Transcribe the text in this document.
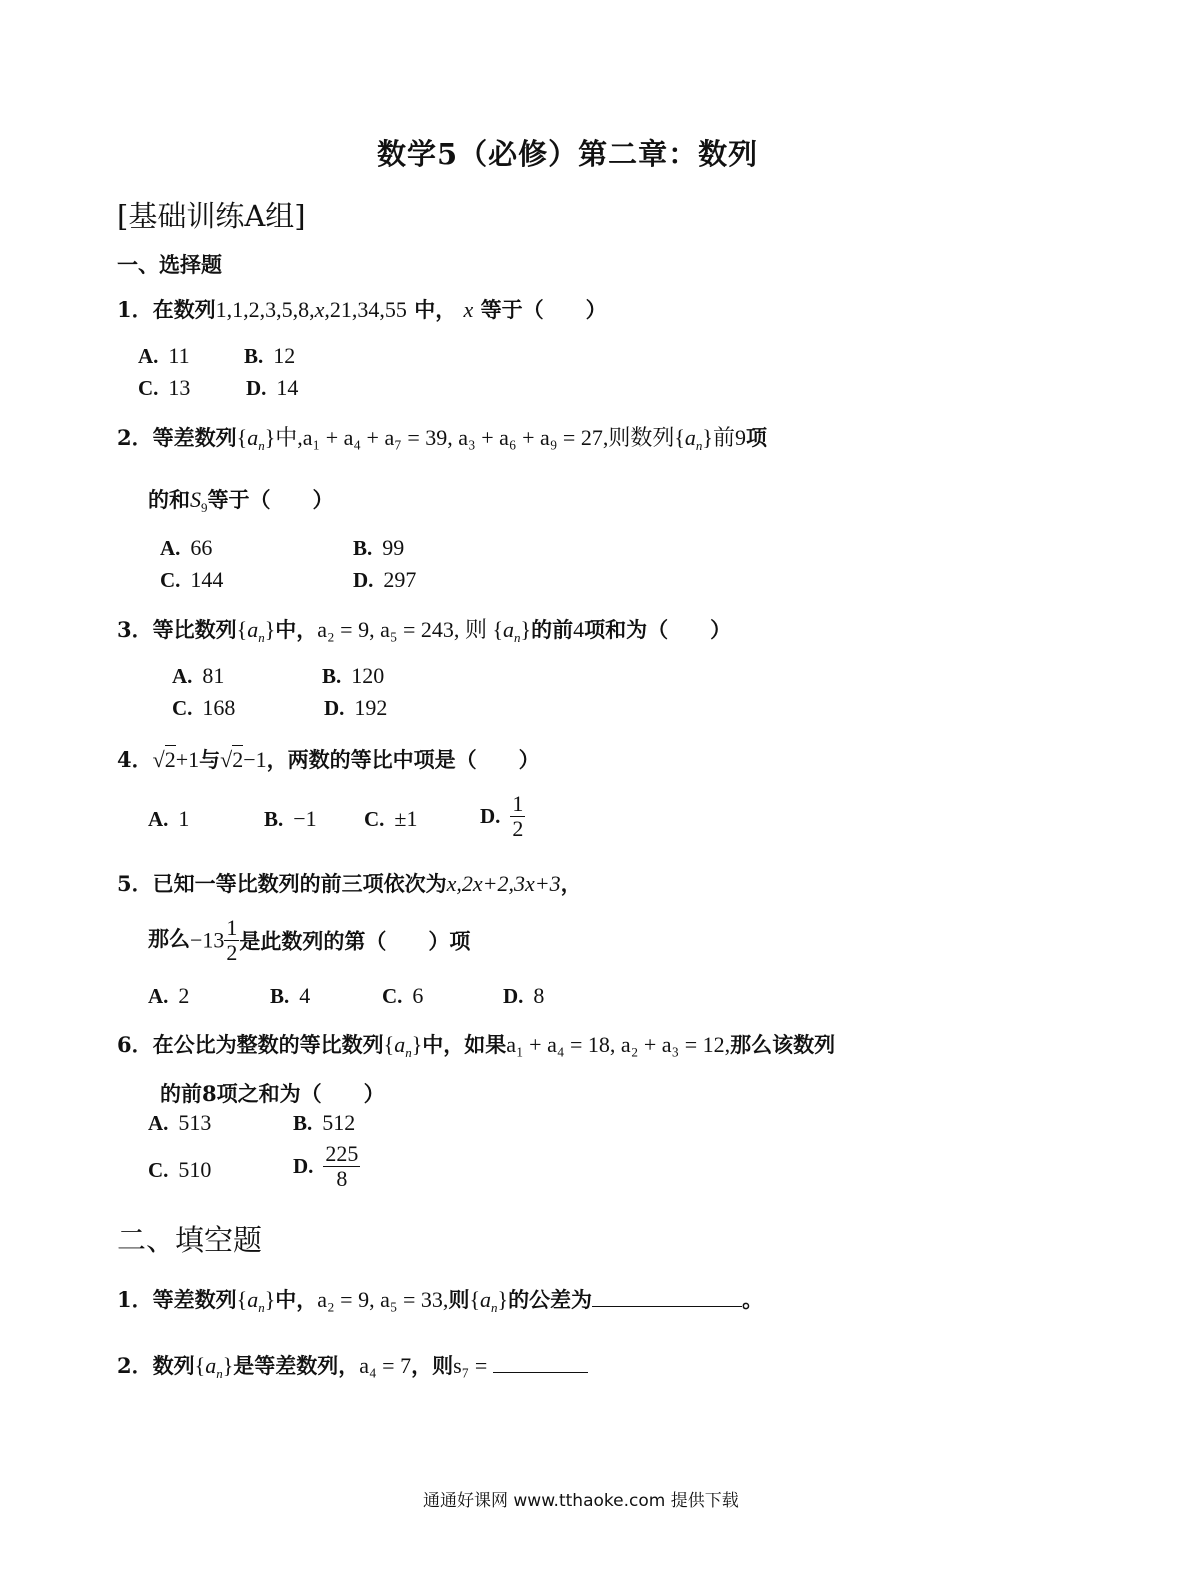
数学5（必修）第二章：数列
[基础训练A组]
一、选择题
1．在数列1,1,2,3,5,8,x,21,34,55 中， x 等于（　　）
A. 11	B. 12
C. 13	D. 14
2．等差数列$\{a_n\}$中,a₁ + a₄ + a₇ = 39, a₃ + a₆ + a₉ = 27,则数列$\{a_n\}$前9项
的和$S_9$等于（　　）
A. 66	B. 99
C. 144	D. 297
3．等比数列$\{a_n\}$中，a₂ = 9, a₅ = 243, 则 $\{a_n\}$的前4项和为（　　）
A. 81	B. 120
C. 168	D. 192
4．√2+1与√2−1，两数的等比中项是（　　）
A. 1	B. −1 C. ±1	D. $\frac{1}{2}$
5．已知一等比数列的前三项依次为x,2x+2,3x+3，
那么$-13 \frac{1}{2}$ 是此数列的第（　　）项
A. 2	B. 4	C. 6	D. 8
6．在公比为整数的等比数列$\{a_n\}$中，如果a₁ + a₄ = 18, a₂ + a₃ = 12,那么该数列
的前8项之和为（　　）
A. 513	B. 512
C. 510	D. $\frac{225}{8}$
二、填空题
1．等差数列$\{a_n\}$中，a₂ = 9, a₅ = 33,则$\{a_n\}$的公差为	。
2．数列$\{a_n\}$是等差数列，a₄ = 7，则s₇ =
通通好课网 www.tthaoke.com 提供下载
